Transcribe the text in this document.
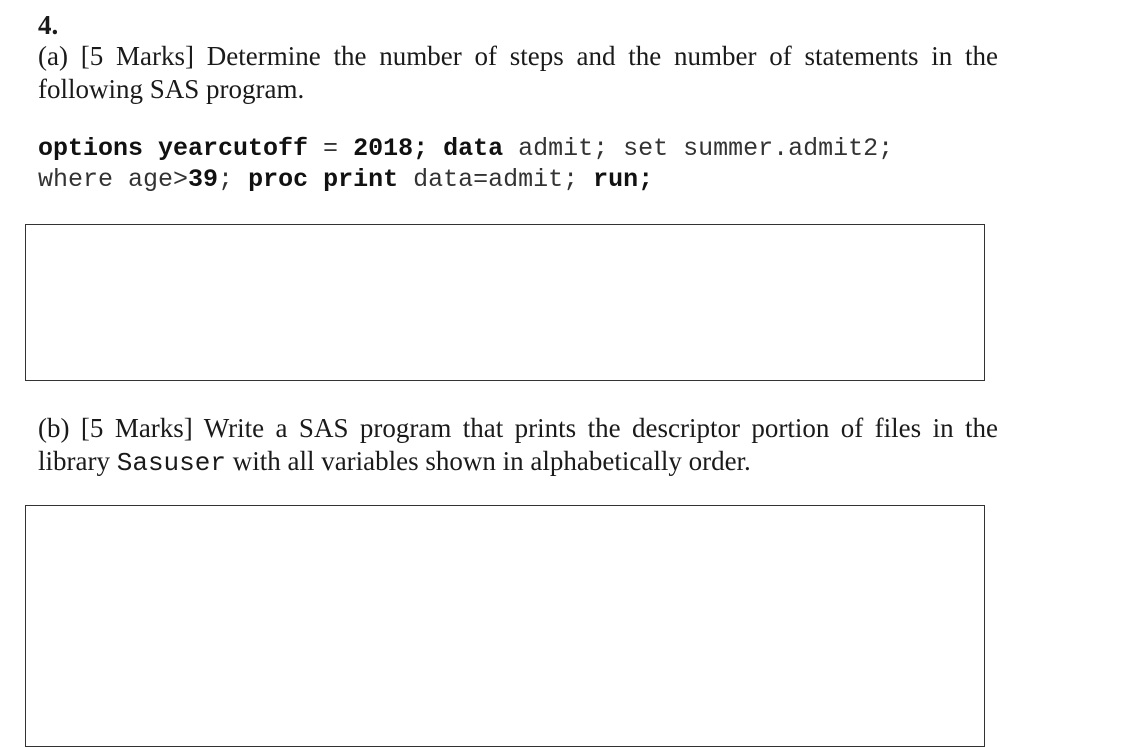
4.
(a) [5 Marks] Determine the number of steps and the number of statements in the following SAS program.
options yearcutoff = 2018; data admit; set summer.admit2;
where age>39; proc print data=admit; run;
(b) [5 Marks] Write a SAS program that prints the descriptor portion of files in the library Sasuser with all variables shown in alphabetically order.
